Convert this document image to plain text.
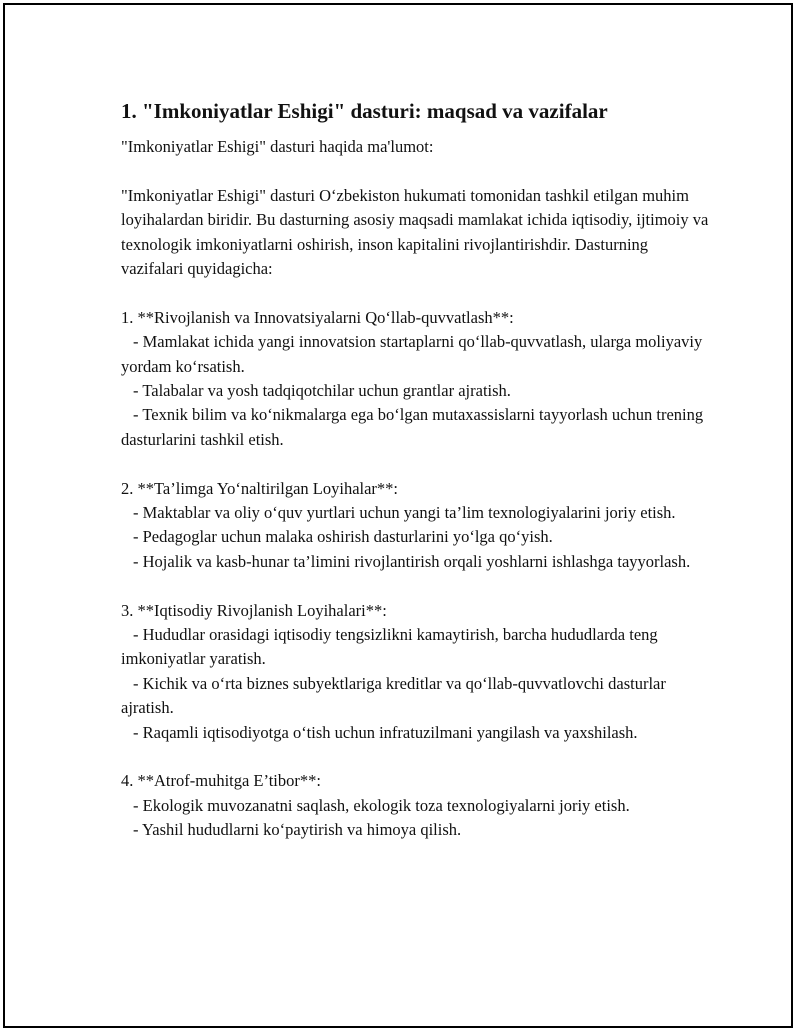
1. "Imkoniyatlar Eshigi" dasturi: maqsad va vazifalar

"Imkoniyatlar Eshigi" dasturi haqida ma'lumot:

"Imkoniyatlar Eshigi" dasturi O‘zbekiston hukumati tomonidan tashkil etilgan muhim loyihalardan biridir. Bu dasturning asosiy maqsadi mamlakat ichida iqtisodiy, ijtimoiy va texnologik imkoniyatlarni oshirish, inson kapitalini rivojlantirishdir. Dasturning vazifalari quyidagicha:

1. **Rivojlanish va Innovatsiyalarni Qo‘llab-quvvatlash**:
- Mamlakat ichida yangi innovatsion startaplarni qo‘llab-quvvatlash, ularga moliyaviy yordam ko‘rsatish.
- Talabalar va yosh tadqiqotchilar uchun grantlar ajratish.
- Texnik bilim va ko‘nikmalarga ega bo‘lgan mutaxassislarni tayyorlash uchun trening dasturlarini tashkil etish.
2. **Ta’limga Yo‘naltirilgan Loyihalar**:
- Maktablar va oliy o‘quv yurtlari uchun yangi ta’lim texnologiyalarini joriy etish.
- Pedagoglar uchun malaka oshirish dasturlarini yo‘lga qo‘yish.
- Hojalik va kasb-hunar ta’limini rivojlantirish orqali yoshlarni ishlashga tayyorlash.
3. **Iqtisodiy Rivojlanish Loyihalari**:
- Hududlar orasidagi iqtisodiy tengsizlikni kamaytirish, barcha hududlarda teng imkoniyatlar yaratish.
- Kichik va o‘rta biznes subyektlariga kreditlar va qo‘llab-quvvatlovchi dasturlar ajratish.
- Raqamli iqtisodiyotga o‘tish uchun infratuzilmani yangilash va yaxshilash.
4. **Atrof-muhitga E’tibor**:
- Ekologik muvozanatni saqlash, ekologik toza texnologiyalarni joriy etish.
- Yashil hududlarni ko‘paytirish va himoya qilish.
